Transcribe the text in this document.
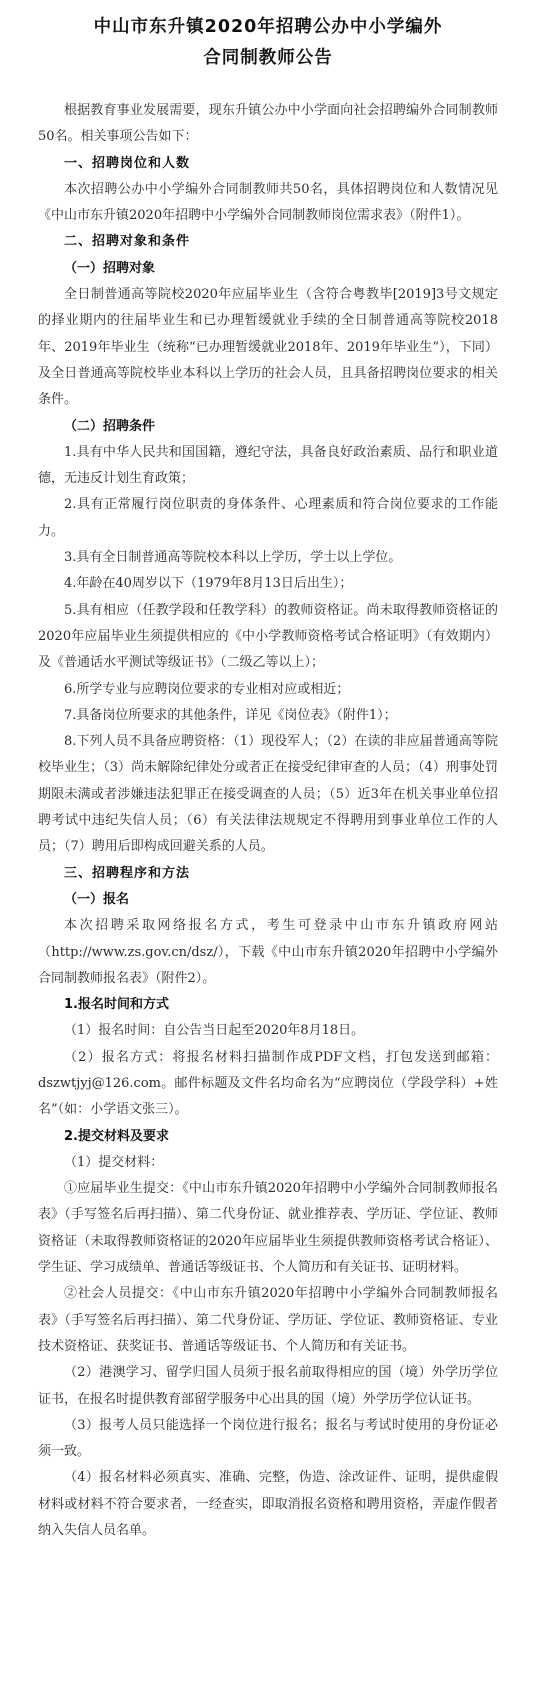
中山市东升镇2020年招聘公办中小学编外
合同制教师公告

根据教育事业发展需要，现东升镇公办中小学面向社会招聘编外合同制教师50名。相关事项公告如下：

一、招聘岗位和人数

本次招聘公办中小学编外合同制教师共50名，具体招聘岗位和人数情况见《中山市东升镇2020年招聘中小学编外合同制教师岗位需求表》（附件1）。

二、招聘对象和条件

（一）招聘对象

全日制普通高等院校2020年应届毕业生（含符合粤教毕[2019]3号文规定的择业期内的往届毕业生和已办理暂缓就业手续的全日制普通高等院校2018年、2019年毕业生（统称“已办理暂缓就业2018年、2019年毕业生”），下同）及全日普通高等院校毕业本科以上学历的社会人员，且具备招聘岗位要求的相关条件。

（二）招聘条件

1.具有中华人民共和国国籍，遵纪守法，具备良好政治素质、品行和职业道德，无违反计划生育政策；

2.具有正常履行岗位职责的身体条件、心理素质和符合岗位要求的工作能力。

3.具有全日制普通高等院校本科以上学历，学士以上学位。

4.年龄在40周岁以下（1979年8月13日后出生）；

5.具有相应（任教学段和任教学科）的教师资格证。尚未取得教师资格证的2020年应届毕业生须提供相应的《中小学教师资格考试合格证明》（有效期内）及《普通话水平测试等级证书》（二级乙等以上）；

6.所学专业与应聘岗位要求的专业相对应或相近；

7.具备岗位所要求的其他条件，详见《岗位表》（附件1）；

8.下列人员不具备应聘资格：（1）现役军人；（2）在读的非应届普通高等院校毕业生；（3）尚未解除纪律处分或者正在接受纪律审查的人员；（4）刑事处罚期限未满或者涉嫌违法犯罪正在接受调查的人员；（5）近3年在机关事业单位招聘考试中违纪失信人员；（6）有关法律法规规定不得聘用到事业单位工作的人员；（7）聘用后即构成回避关系的人员。

三、招聘程序和方法

（一）报名

本次招聘采取网络报名方式，考生可登录中山市东升镇政府网站（http://www.zs.gov.cn/dsz/），下载《中山市东升镇2020年招聘中小学编外合同制教师报名表》（附件2）。

1.报名时间和方式

（1）报名时间：自公告当日起至2020年8月18日。

（2）报名方式：将报名材料扫描制作成PDF文档，打包发送到邮箱：dszwtjyj@126.com。邮件标题及文件名均命名为“应聘岗位（学段学科）+姓名”（如：小学语文张三）。

2.提交材料及要求

（1）提交材料：

①应届毕业生提交：《中山市东升镇2020年招聘中小学编外合同制教师报名表》（手写签名后再扫描）、第二代身份证、就业推荐表、学历证、学位证、教师资格证（未取得教师资格证的2020年应届毕业生须提供教师资格考试合格证）、学生证、学习成绩单、普通话等级证书、个人简历和有关证书、证明材料。

②社会人员提交：《中山市东升镇2020年招聘中小学编外合同制教师报名表》（手写签名后再扫描）、第二代身份证、学历证、学位证、教师资格证、专业技术资格证、获奖证书、普通话等级证书、个人简历和有关证书。

（2）港澳学习、留学归国人员须于报名前取得相应的国（境）外学历学位证书，在报名时提供教育部留学服务中心出具的国（境）外学历学位认证书。

（3）报考人员只能选择一个岗位进行报名；报名与考试时使用的身份证必须一致。

（4）报名材料必须真实、准确、完整，伪造、涂改证件、证明，提供虚假材料或材料不符合要求者，一经查实，即取消报名资格和聘用资格，弄虚作假者纳入失信人员名单。
